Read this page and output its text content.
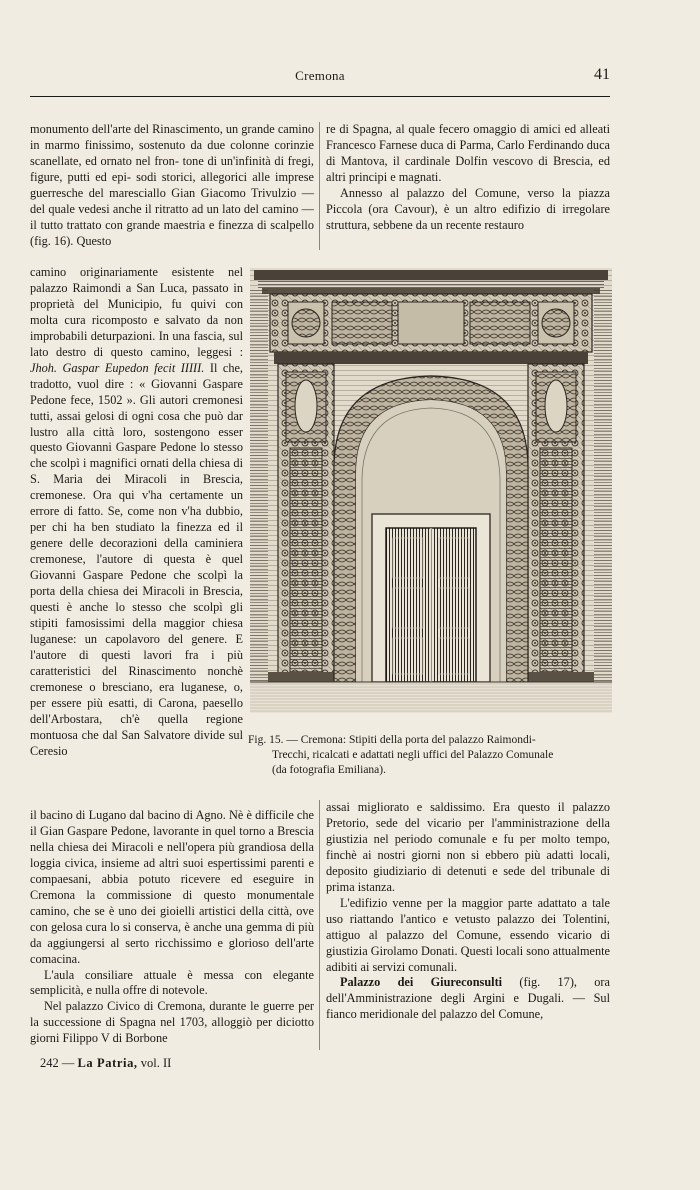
Cremona	41

monumento dell'arte del Rinascimento, un grande camino in marmo finissimo, sostenuto da due colonne corinzie scanellate, ed ornato nel fron- tone di un'infinità di fregi, figure, putti ed epi- sodi storici, allegorici alle imprese guerresche del maresciallo Gian Giacomo Trivulzio — del quale vedesi anche il ritratto ad un lato del camino — il tutto trattato con grande maestria e finezza di scalpello (fig. 16). Questo

camino originariamente esistente nel palazzo Raimondi a San Luca, passato in proprietà del Municipio, fu quivi con molta cura ricomposto e salvato da non improbabili deturpazioni. In una fascia, sul lato destro di questo camino, leggesi : Jhoh. Gaspar Eupedon fecit IIIII. Il che, tradotto, vuol dire : « Giovanni Gaspare Pedone fece, 1502 ». Gli autori cremonesi tutti, assai gelosi di ogni cosa che può dar lustro alla città loro, sostengono esser questo Giovanni Gaspare Pedone lo stesso che scolpì i magnifici ornati della chiesa di S. Maria dei Miracoli in Brescia, cremonese. Ora qui v'ha certamente un errore di fatto. Se, come non v'ha dubbio, per chi ha ben studiato la finezza ed il genere delle decorazioni della caminiera cremonese, l'autore di questa è quel Giovanni Gaspare Pedone che scolpì la porta della chiesa dei Miracoli in Brescia, questi è anche lo stesso che scolpì gli stipiti famosissimi della maggior chiesa luganese: un capolavoro del genere. E l'autore di questi lavori fra i più caratteristici del Rinascimento nonchè cremonese o bresciano, era luganese, o, per essere più esatti, di Carona, paesello dell'Arbostara, ch'è quella regione montuosa che dal San Salvatore divide sul Ceresio

il bacino di Lugano dal bacino di Agno. Nè è difficile che il Gian Gaspare Pedone, lavorante in quel torno a Brescia nella chiesa dei Miracoli e nell'opera più grandiosa della loggia civica, insieme ad altri suoi espertissimi parenti e compaesani, abbia potuto ricevere ed eseguire in Cremona la commissione di questo monumentale camino, che se è uno dei gioielli artistici della città, ove con gelosa cura lo si conserva, è anche una gemma di più da aggiungersi al serto ricchissimo e glorioso dell'arte comacina.

L'aula consiliare attuale è messa con elegante semplicità, e nulla offre di notevole.

Nel palazzo Civico di Cremona, durante le guerre per la successione di Spagna nel 1703, alloggiò per diciotto giorni Filippo V di Borbone

re di Spagna, al quale fecero omaggio di amici ed alleati Francesco Farnese duca di Parma, Carlo Ferdinando duca di Mantova, il cardinale Dolfin vescovo di Brescia, ed altri principi e magnati.

Annesso al palazzo del Comune, verso la piazza Piccola (ora Cavour), è un altro edifizio di irregolare struttura, sebbene da un recente restauro

Fig. 15. — Cremona: Stipiti della porta del palazzo Raimondi-
Trecchi, ricalcati e adattati negli uffici del Palazzo Comunale
(da fotografia Emiliana).

assai migliorato e saldissimo. Era questo il palazzo Pretorio, sede del vicario per l'amministrazione della giustizia nel periodo comunale e fu per molto tempo, finchè ai nostri giorni non si ebbero più adatti locali, deposito giudiziario di detenuti e sede del tribunale di prima istanza.

L'edifizio venne per la maggior parte adattato a tale uso riattando l'antico e vetusto palazzo dei Tolentini, attiguo al palazzo del Comune, essendo vicario di giustizia Girolamo Donati. Questi locali sono attualmente adibiti ai servizi comunali.

Palazzo dei Giureconsulti (fig. 17), ora dell'Amministrazione degli Argini e Dugali. — Sul fianco meridionale del palazzo del Comune,

242 — La Patria, vol. II
